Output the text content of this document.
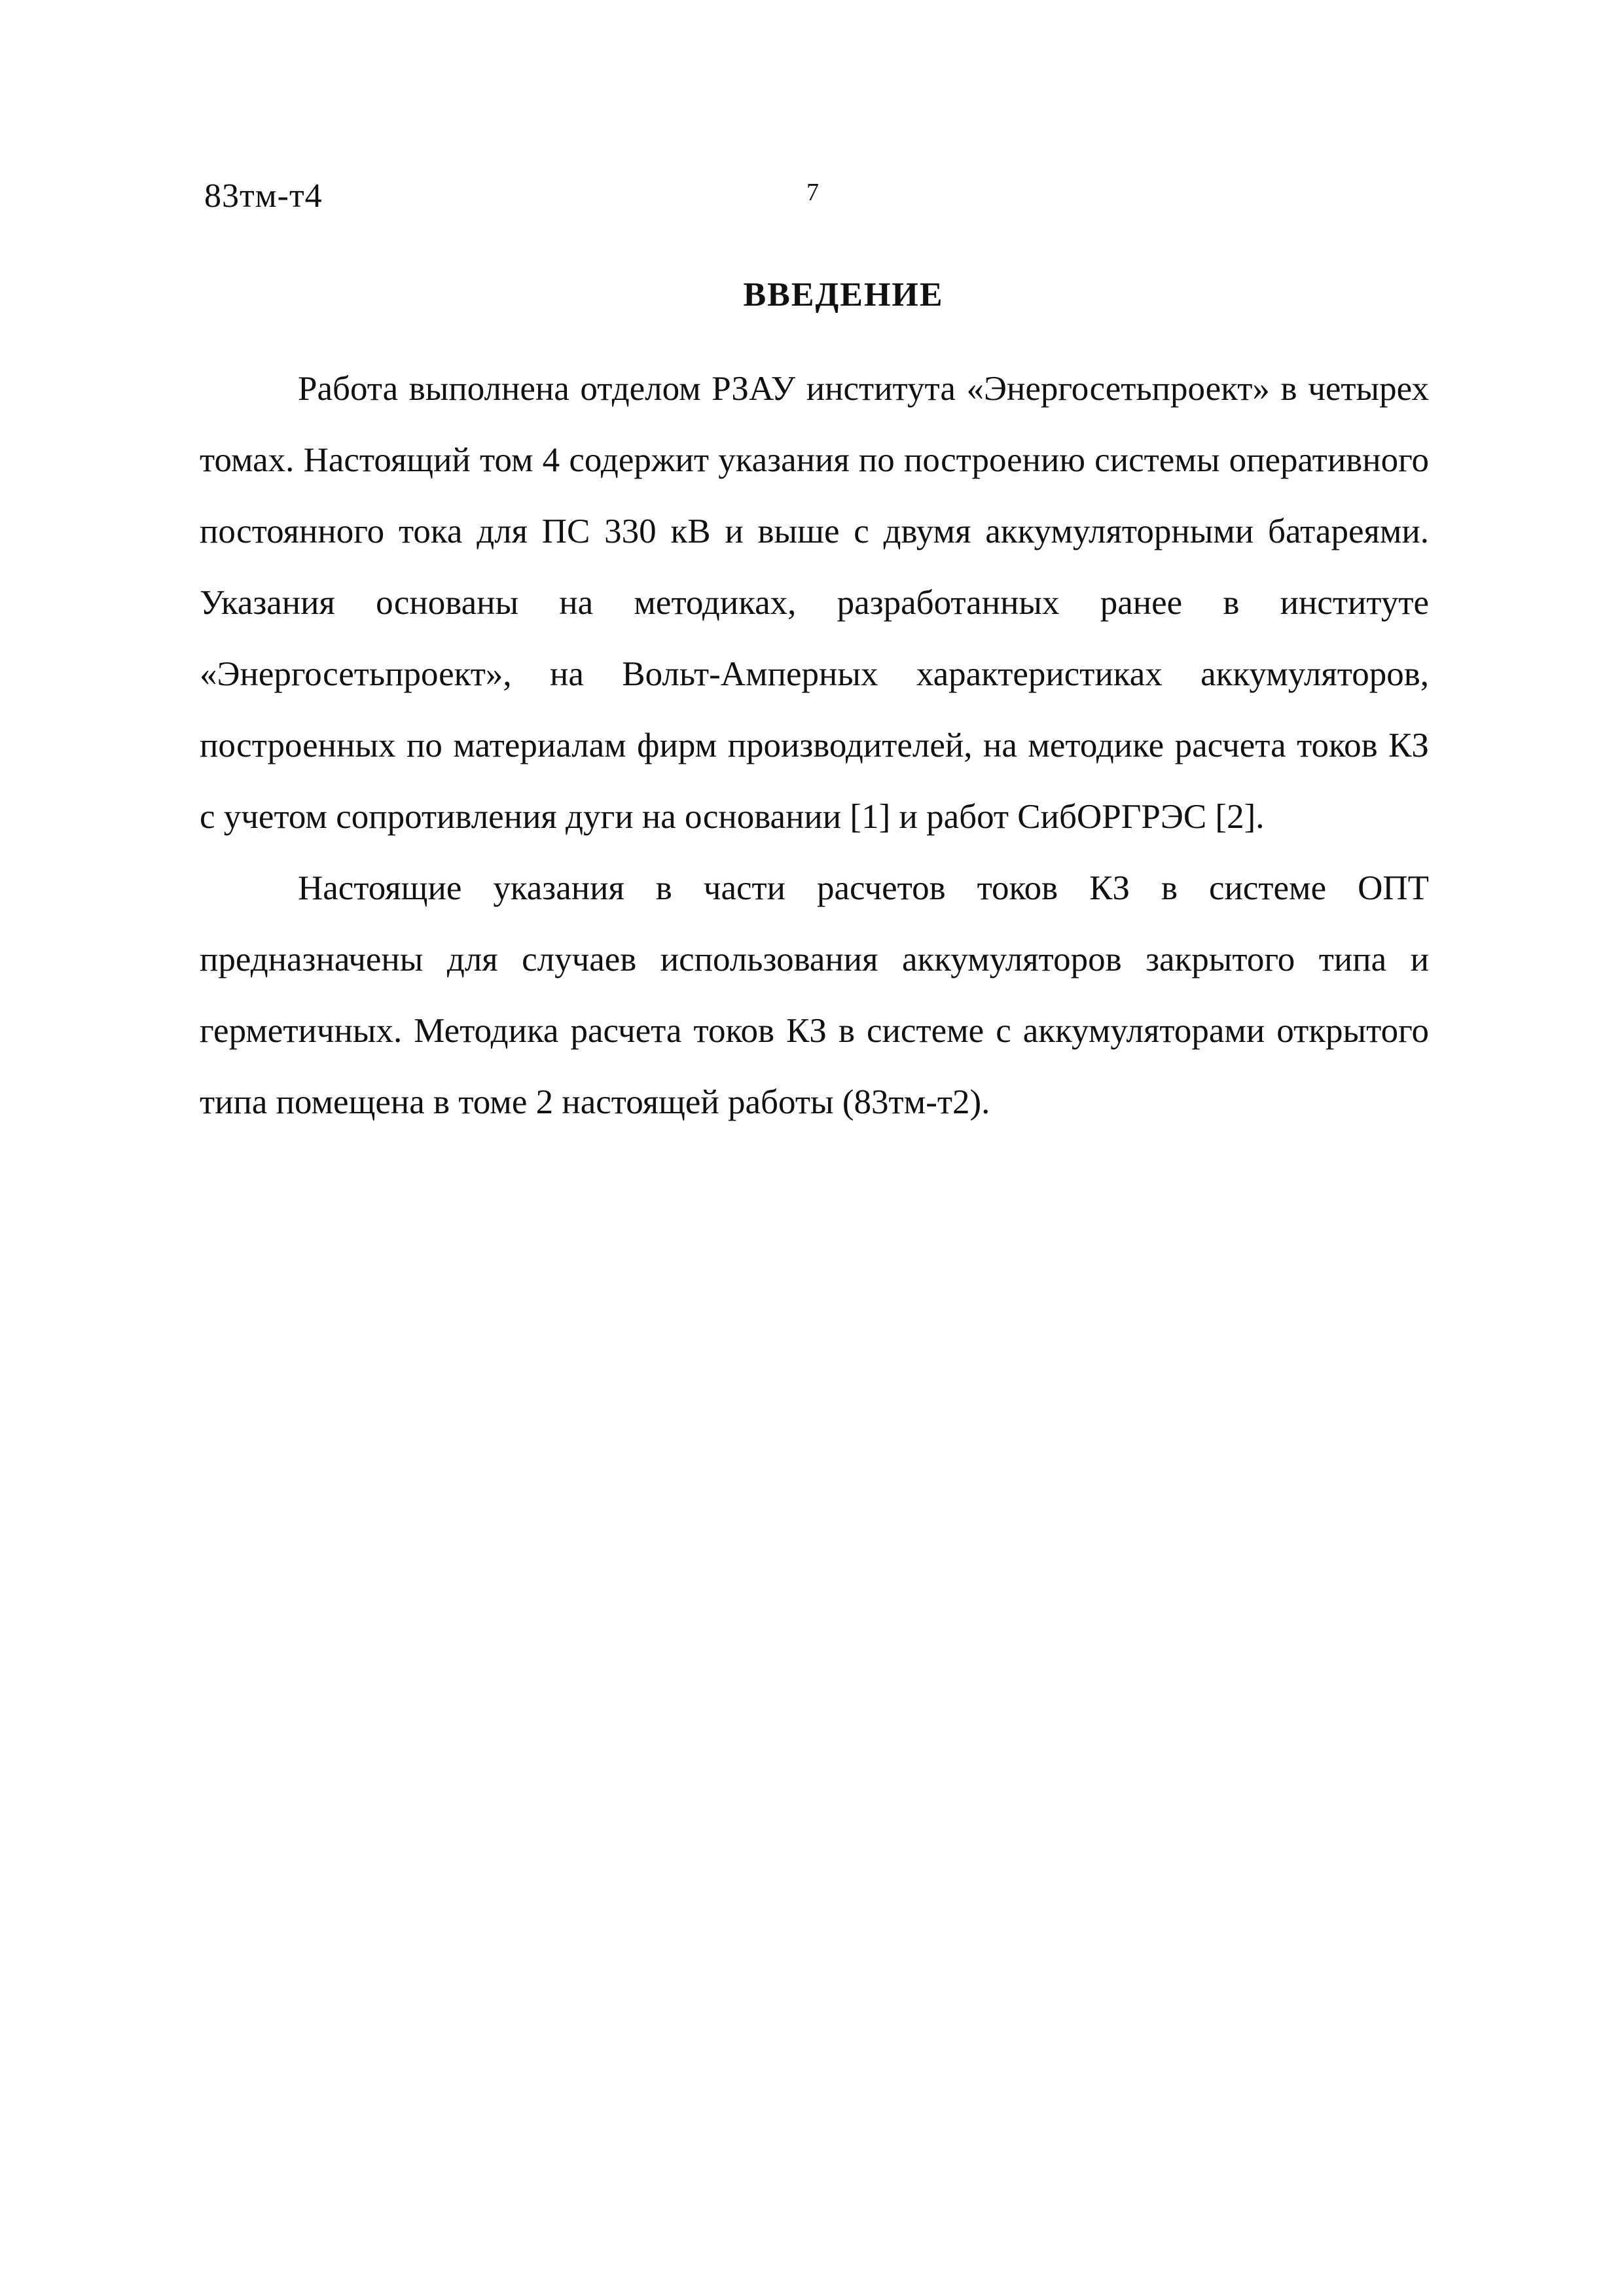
83тм-т4	7
ВВЕДЕНИЕ

Работа выполнена отделом РЗАУ института «Энергосетьпроект» в четырех томах. Настоящий том 4 содержит указания по построению системы оперативного постоянного тока для ПС 330 кВ и выше с двумя аккумуляторными батареями. Указания основаны на методиках, разработанных ранее в институте «Энергосетьпроект», на Вольт-Амперных характеристиках аккумуляторов, построенных по материалам фирм производителей, на методике расчета токов КЗ с учетом сопротивления дуги на основании [1] и работ СибОРГРЭС [2].

Настоящие указания в части расчетов токов КЗ в системе ОПТ предназначены для случаев использования аккумуляторов закрытого типа и герметичных. Методика расчета токов КЗ в системе с аккумуляторами открытого типа помещена в томе 2 настоящей работы (83тм-т2).
